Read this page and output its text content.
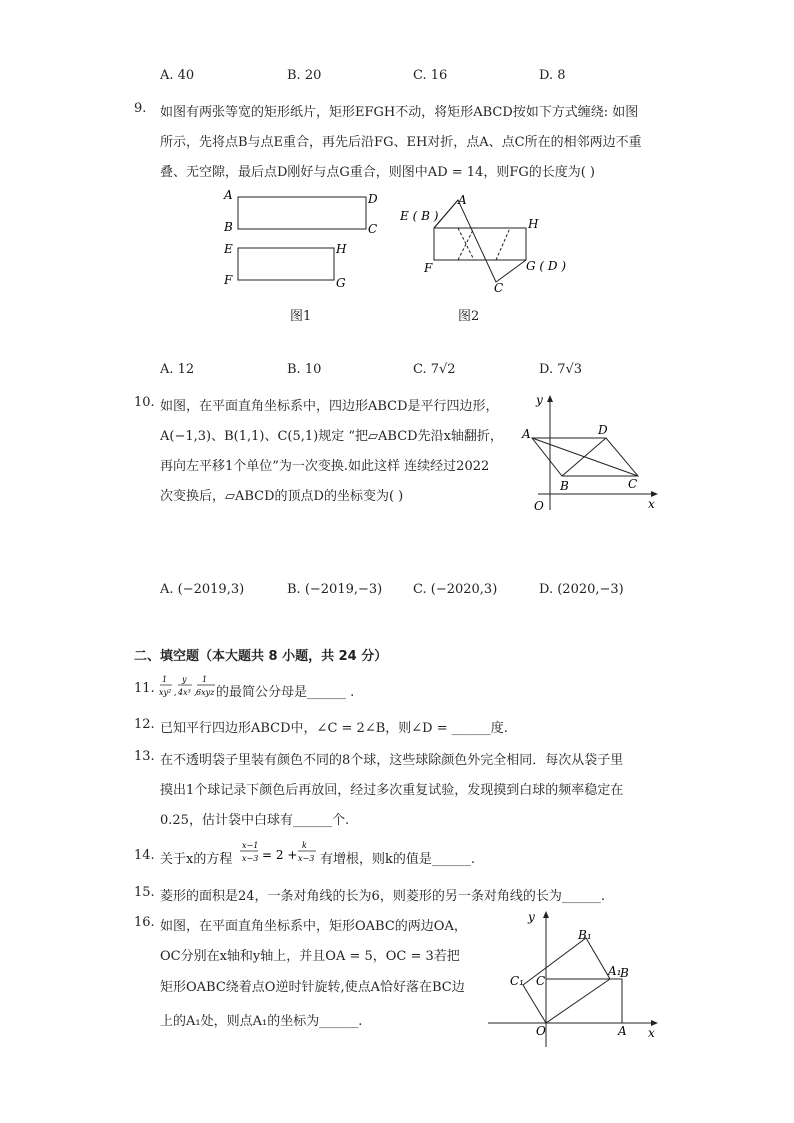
A. 40	B. 20	C. 16	D. 8
9. 如图有两张等宽的矩形纸片，矩形EFGH不动，将矩形ABCD按如下方式缠绕: 如图
所示，先将点B与点E重合，再先后沿FG、EH对折，点A、点C所在的相邻两边不重
叠、无空隙，最后点D刚好与点G重合，则图中AD = 14，则FG的长度为( )
A
B	C
D
E
F	G
H
图1
E ( B )
A
H
F	G ( D )
C
图2
A. 12	B. 10	C. 7√2	D. 7√3
10. 如图，在平面直角坐标系中，四边形ABCD是平行四边形，
A(−1,3)、B(1,1)、C(5,1)规定 “把▱ABCD先沿x轴翻折，
再向左平移1个单位”为一次变换.如此这样 连续经过2022
次变换后，▱ABCD的顶点D的坐标变为( )
y
A	D
B	C
O	x
A. (−2019,3)	B. (−2019,−3) C. (−2020,3)	D. (2020,−3)
二、填空题（本大题共 8 小题，共 24 分）
11.
1
xy² ,
y
4x³ ,
1
6xyz 的最简公分母是______ .
12. 已知平行四边形ABCD中，∠C = 2∠B，则∠D = ______度.
13. 在不透明袋子里装有颜色不同的8个球，这些球除颜色外完全相同．每次从袋子里
摸出1个球记录下颜色后再放回，经过多次重复试验，发现摸到白球的频率稳定在
0.25，估计袋中白球有______个.
14. 关于x的方程
x−1
x−3 = 2 +
k
x−3 有增根，则k的值是______.
15. 菱形的面积是24，一条对角线的长为6，则菱形的另一条对角线的长为______.
16. 如图，在平面直角坐标系中，矩形OABC的两边OA，
OC分别在x轴和y轴上，并且OA = 5，OC = 3若把
矩形OABC绕着点O逆时针旋转,使点A恰好落在BC边
上的A₁处，则点A₁的坐标为______.
y
B₁
C₁ C
A₁
B
O	A x
